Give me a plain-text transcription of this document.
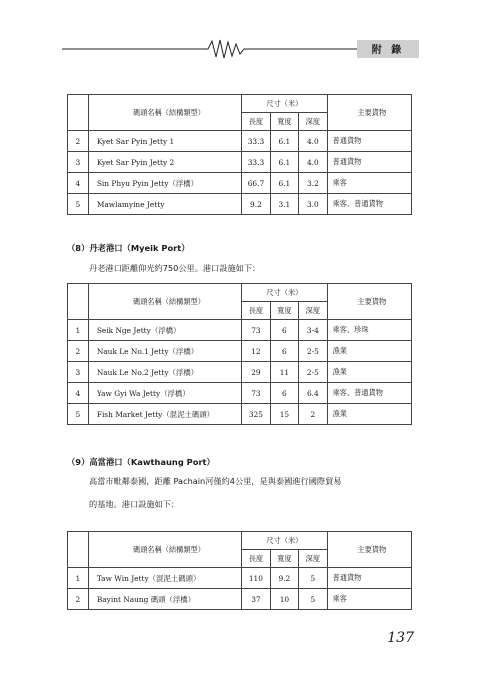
附 錄
	碼頭名稱（結構類型）	尺寸（米）			主要貨物
		長度	寬度	深度	
2	Kyet Sar Pyin Jetty 1	33.3	6.1	4.0	普通貨物
3	Kyet Sar Pyin Jetty 2	33.3	6.1	4.0	普通貨物
4	Sin Phyu Pyin Jetty（浮橋）	66.7	6.1	3.2	乘客
5	Mawlamyine Jetty	9.2	3.1	3.0	乘客、普通貨物
（8）丹老港口（Myeik Port）
丹老港口距離仰光約750公里。港口設施如下：
	碼頭名稱（結構類型）	尺寸（米）			主要貨物
		長度	寬度	深度	
1	Seik Nge Jetty（浮橋）	73	6	3-4	乘客、珍珠
2	Nauk Le No.1 Jetty（浮橋）	12	6	2-5	漁業
3	Nauk Le No.2 Jetty（浮橋）	29	11	2-5	漁業
4	Yaw Gyi Wa Jetty（浮橋）	73	6	6.4	乘客、普通貨物
5	Fish Market Jetty（混泥土碼頭）	325	15	2	漁業
（9）高當港口（Kawthaung Port）
高當市毗鄰泰國，距離 Pachain河僅約4公里，是與泰國進行國際貿易
的基地。港口設施如下：
	碼頭名稱（結構類型）	尺寸（米）			主要貨物
		長度	寬度	深度	
1	Taw Win Jetty（混泥土碼頭）	110	9.2	5	普通貨物
2	Bayint Naung 碼頭（浮橋）	37	10	5	乘客
137
